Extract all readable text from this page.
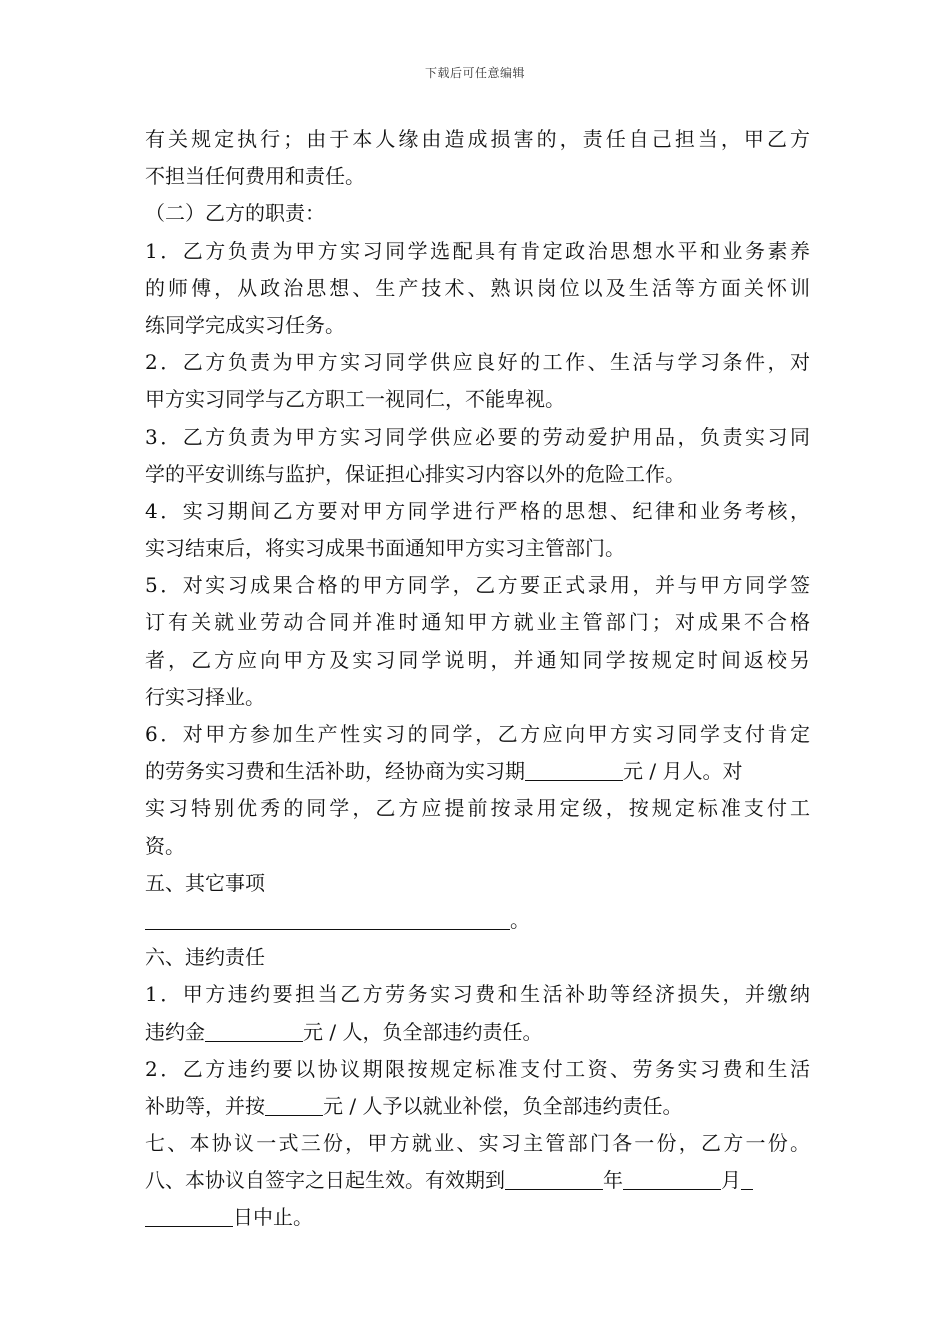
下载后可任意编辑
有关规定执行；由于本人缘由造成损害的，责任自己担当，甲乙方
不担当任何费用和责任。
（二）乙方的职责：
1．乙方负责为甲方实习同学选配具有肯定政治思想水平和业务素养
的师傅，从政治思想、生产技术、熟识岗位以及生活等方面关怀训
练同学完成实习任务。
2．乙方负责为甲方实习同学供应良好的工作、生活与学习条件，对
甲方实习同学与乙方职工一视同仁，不能卑视。
3．乙方负责为甲方实习同学供应必要的劳动爱护用品，负责实习同
学的平安训练与监护，保证担心排实习内容以外的危险工作。
4．实习期间乙方要对甲方同学进行严格的思想、纪律和业务考核，
实习结束后，将实习成果书面通知甲方实习主管部门。
5．对实习成果合格的甲方同学，乙方要正式录用，并与甲方同学签
订有关就业劳动合同并准时通知甲方就业主管部门；对成果不合格
者，乙方应向甲方及实习同学说明，并通知同学按规定时间返校另
行实习择业。
6．对甲方参加生产性实习的同学，乙方应向甲方实习同学支付肯定
的劳务实习费和生活补助，经协商为实习期	元 / 月人。对
实习特别优秀的同学，乙方应提前按录用定级，按规定标准支付工
资。
五、其它事项
。
六、违约责任
1．甲方违约要担当乙方劳务实习费和生活补助等经济损失，并缴纳
违约金	元 / 人，负全部违约责任。
2．乙方违约要以协议期限按规定标准支付工资、劳务实习费和生活
补助等，并按	元 / 人予以就业补偿，负全部违约责任。
七、本协议一式三份，甲方就业、实习主管部门各一份，乙方一份。
八、本协议自签字之日起生效。有效期到	年	月
日中止。
